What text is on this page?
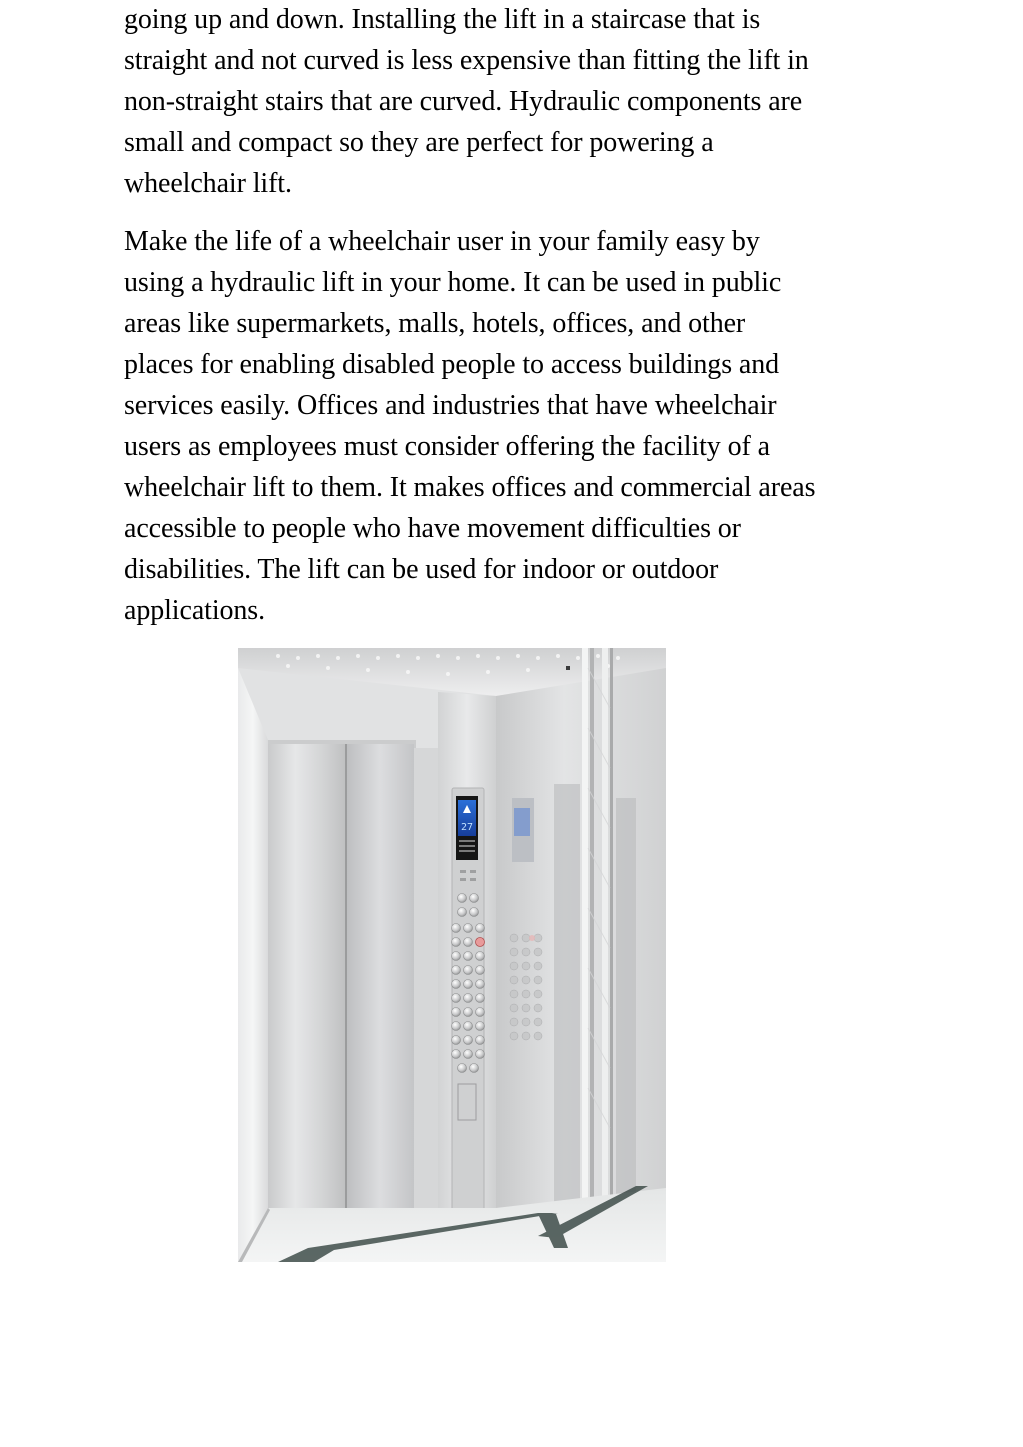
going up and down. Installing the lift in a staircase that is
straight and not curved is less expensive than fitting the lift in
non-straight stairs that are curved. Hydraulic components are
small and compact so they are perfect for powering a
wheelchair lift.

Make the life of a wheelchair user in your family easy by
using a hydraulic lift in your home. It can be used in public
areas like supermarkets, malls, hotels, offices, and other
places for enabling disabled people to access buildings and
services easily. Offices and industries that have wheelchair
users as employees must consider offering the facility of a
wheelchair lift to them. It makes offices and commercial areas
accessible to people who have movement difficulties or
disabilities. The lift can be used for indoor or outdoor
applications.

27
